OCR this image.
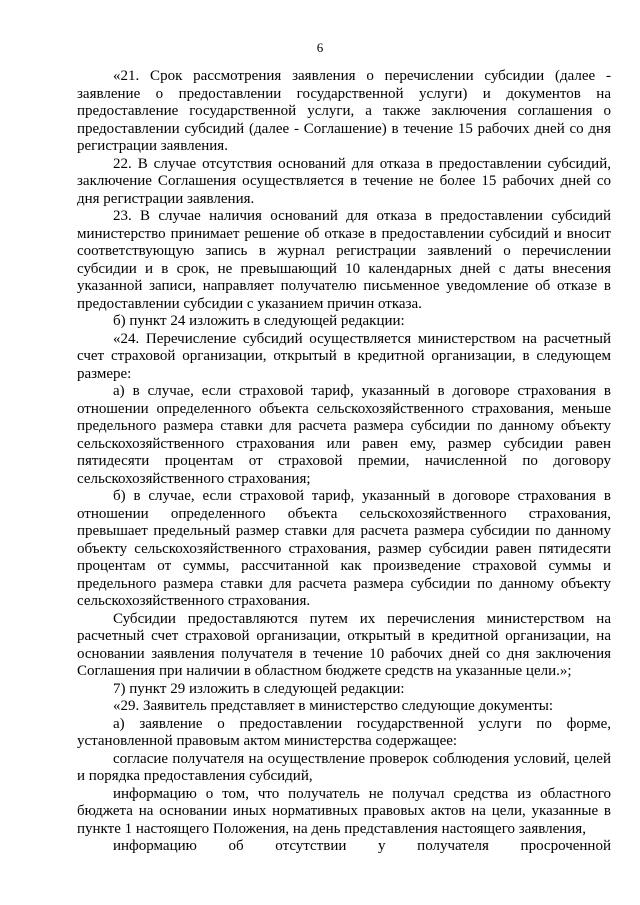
6

«21. Срок рассмотрения заявления о перечислении субсидии (далее - заявление о предоставлении государственной услуги) и документов на предоставление государственной услуги, а также заключения соглашения о предоставлении субсидий (далее - Соглашение) в течение 15 рабочих дней со дня регистрации заявления.

22. В случае отсутствия оснований для отказа в предоставлении субсидий, заключение Соглашения осуществляется в течение не более 15 рабочих дней со дня регистрации заявления.

23. В случае наличия оснований для отказа в предоставлении субсидий министерство принимает решение об отказе в предоставлении субсидий и вносит соответствующую запись в журнал регистрации заявлений о перечислении субсидии и в срок, не превышающий 10 календарных дней с даты внесения указанной записи, направляет получателю письменное уведомление об отказе в предоставлении субсидии с указанием причин отказа.

б) пункт 24 изложить в следующей редакции:

«24. Перечисление субсидий осуществляется министерством на расчетный счет страховой организации, открытый в кредитной организации, в следующем размере:

а) в случае, если страховой тариф, указанный в договоре страхования в отношении определенного объекта сельскохозяйственного страхования, меньше предельного размера ставки для расчета размера субсидии по данному объекту сельскохозяйственного страхования или равен ему, размер субсидии равен пятидесяти процентам от страховой премии, начисленной по договору сельскохозяйственного страхования;

б) в случае, если страховой тариф, указанный в договоре страхования в отношении определенного объекта сельскохозяйственного страхования, превышает предельный размер ставки для расчета размера субсидии по данному объекту сельскохозяйственного страхования, размер субсидии равен пятидесяти процентам от суммы, рассчитанной как произведение страховой суммы и предельного размера ставки для расчета размера субсидии по данному объекту сельскохозяйственного страхования.

Субсидии предоставляются путем их перечисления министерством на расчетный счет страховой организации, открытый в кредитной организации, на основании заявления получателя в течение 10 рабочих дней со дня заключения Соглашения при наличии в областном бюджете средств на указанные цели.»;

7) пункт 29 изложить в следующей редакции:

«29. Заявитель представляет в министерство следующие документы:

а) заявление о предоставлении государственной услуги по форме, установленной правовым актом министерства содержащее:

согласие получателя на осуществление проверок соблюдения условий, целей и порядка предоставления субсидий,

информацию о том, что получатель не получал средства из областного бюджета на основании иных нормативных правовых актов на цели, указанные в пункте 1 настоящего Положения, на день представления настоящего заявления,

информацию об отсутствии у получателя просроченной
